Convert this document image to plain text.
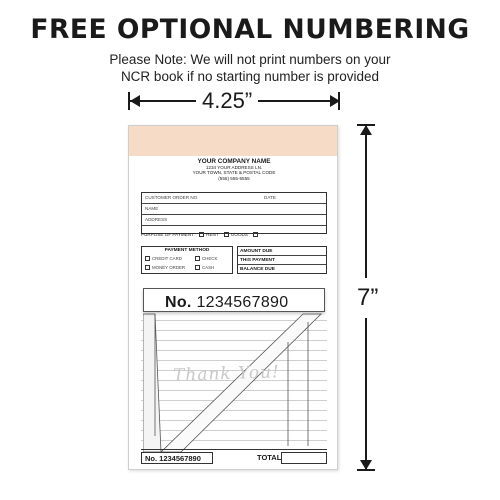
FREE OPTIONAL NUMBERING
Please Note: We will not print numbers on your
NCR book if no starting number is provided
4.25”
7”
YOUR COMPANY NAME
1234 YOUR ADDRESS LN.
YOUR TOWN, STATE & POSTAL CODE
(555) 555-5555
CUSTOMER ORDER NO.	DATE
NAME
ADDRESS
PURPOSE OF PAYMENT	RENT	GOODS
PAYMENT METHOD
CREDIT CARD	CHECK
MONEY ORDER	CASH
AMOUNT DUE
THIS PAYMENT
BALANCE DUE
Thank You!
No. 1234567890
No. 1234567890	TOTAL
